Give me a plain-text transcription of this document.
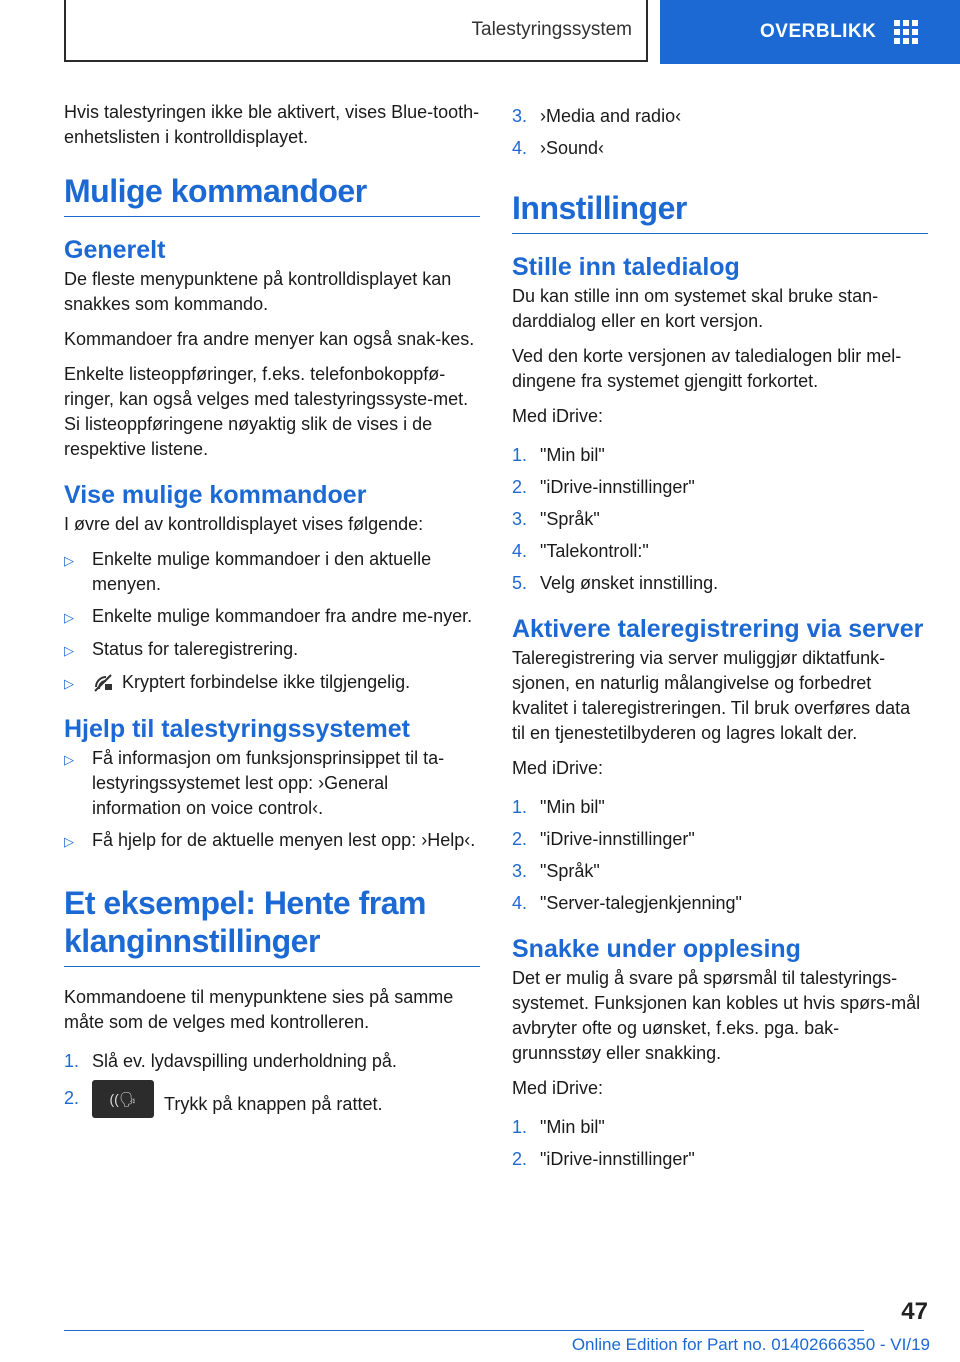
Talestyringssystem	OVERBLIKK

Hvis talestyringen ikke ble aktivert, vises Blue‐tooth-enhetslisten i kontrolldisplayet.

Mulige kommandoer
Generelt

De fleste menypunktene på kontrolldisplayet kan snakkes som kommando.

Kommandoer fra andre menyer kan også snak‐kes.

Enkelte listeoppføringer, f.eks. telefonbokoppfø‐ringer, kan også velges med talestyringssyste‐met. Si listeoppføringene nøyaktig slik de vises i de respektive listene.

Vise mulige kommandoer

I øvre del av kontrolldisplayet vises følgende:

▷	Enkelte mulige kommandoer i den aktuelle menyen.
▷	Enkelte mulige kommandoer fra andre me‐nyer.
▷	Status for taleregistrering.
▷	Kryptert forbindelse ikke tilgjengelig.
Hjelp til talestyringssystemet
▷	Få informasjon om funksjonsprinsippet til ta‐lestyringssystemet lest opp: ›General information on voice control‹.
▷	Få hjelp for de aktuelle menyen lest opp: ›Help‹.
Et eksempel: Hente fram klanginnstillinger

Kommandoene til menypunktene sies på samme måte som de velges med kontrolleren.

1. Slå ev. lydavspilling underholdning på.
2.	((🗣 Trykk på knappen på rattet.
3. ›Media and radio‹
4. ›Sound‹
Innstillinger
Stille inn taledialog

Du kan stille inn om systemet skal bruke stan‐darddialog eller en kort versjon.

Ved den korte versjonen av taledialogen blir mel‐dingene fra systemet gjengitt forkortet.

Med iDrive:

1. "Min bil"
2. "iDrive-innstillinger"
3. "Språk"
4. "Talekontroll:"
5. Velg ønsket innstilling.
Aktivere taleregistrering via server

Taleregistrering via server muliggjør diktatfunk‐sjonen, en naturlig målangivelse og forbedret kvalitet i taleregistreringen. Til bruk overføres data til en tjenestetilbyderen og lagres lokalt der.

Med iDrive:

1. "Min bil"
2. "iDrive-innstillinger"
3. "Språk"
4. "Server-talegjenkjenning"
Snakke under opplesing

Det er mulig å svare på spørsmål til talestyrings‐systemet. Funksjonen kan kobles ut hvis spørs‐mål avbryter ofte og uønsket, f.eks. pga. bak‐grunnsstøy eller snakking.

Med iDrive:

1. "Min bil"
2. "iDrive-innstillinger"
47
Online Edition for Part no. 01402666350 - VI/19
